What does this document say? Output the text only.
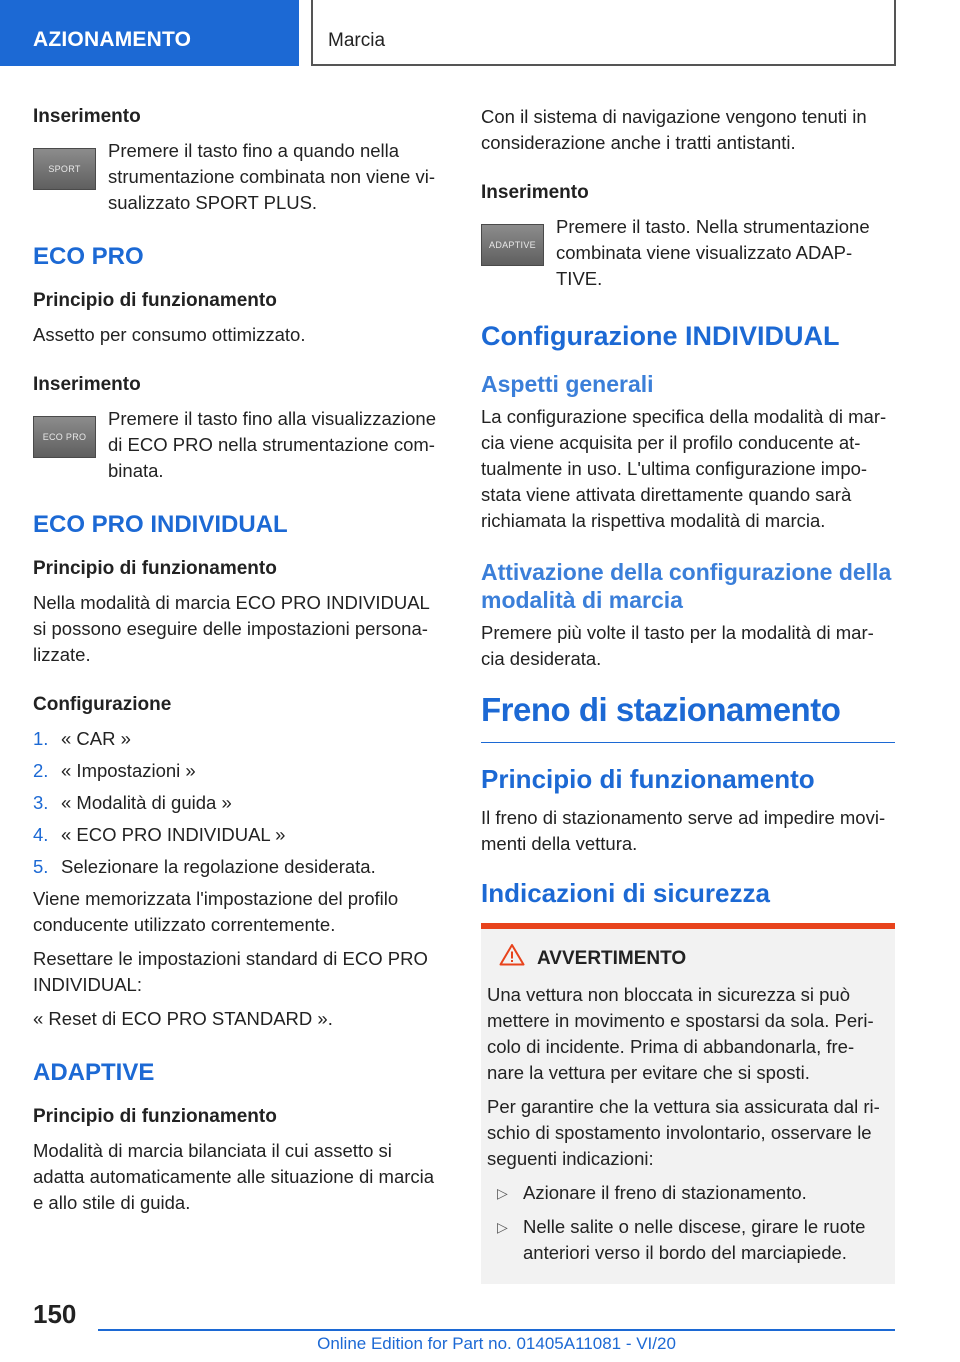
AZIONAMENTO	Marcia
Inserimento
SPORT
Premere il tasto fino a quando nella strumentazione combinata non viene vi- sualizzato SPORT PLUS.
ECO PRO
Principio di funzionamento
Assetto per consumo ottimizzato.
Inserimento
ECO PRO
Premere il tasto fino alla visualizzazione di ECO PRO nella strumentazione com- binata.
ECO PRO INDIVIDUAL
Principio di funzionamento
Nella modalità di marcia ECO PRO INDIVIDUAL si possono eseguire delle impostazioni persona- lizzate.
Configurazione
1. « CAR »
2. « Impostazioni »
3. « Modalità di guida »
4. « ECO PRO INDIVIDUAL »
5. Selezionare la regolazione desiderata.
Viene memorizzata l'impostazione del profilo conducente utilizzato correntemente.
Resettare le impostazioni standard di ECO PRO INDIVIDUAL:
« Reset di ECO PRO STANDARD ».
ADAPTIVE
Principio di funzionamento
Modalità di marcia bilanciata il cui assetto si adatta automaticamente alle situazione di marcia e allo stile di guida.
Con il sistema di navigazione vengono tenuti in considerazione anche i tratti antistanti.
Inserimento
ADAPTIVE
Premere il tasto. Nella strumentazione combinata viene visualizzato ADAP- TIVE.
Configurazione INDIVIDUAL
Aspetti generali
La configurazione specifica della modalità di mar- cia viene acquisita per il profilo conducente at- tualmente in uso. L'ultima configurazione impo- stata viene attivata direttamente quando sarà richiamata la rispettiva modalità di marcia.
Attivazione della configurazione della modalità di marcia
Premere più volte il tasto per la modalità di mar- cia desiderata.
Freno di stazionamento
Principio di funzionamento
Il freno di stazionamento serve ad impedire movi- menti della vettura.
Indicazioni di sicurezza
AVVERTIMENTO
Una vettura non bloccata in sicurezza si può mettere in movimento e spostarsi da sola. Peri- colo di incidente. Prima di abbandonarla, fre- nare la vettura per evitare che si sposti.
Per garantire che la vettura sia assicurata dal ri- schio di spostamento involontario, osservare le seguenti indicazioni:
▷ Azionare il freno di stazionamento.
▷ Nelle salite o nelle discese, girare le ruote anteriori verso il bordo del marciapiede.
150
Online Edition for Part no. 01405A11081 - VI/20
